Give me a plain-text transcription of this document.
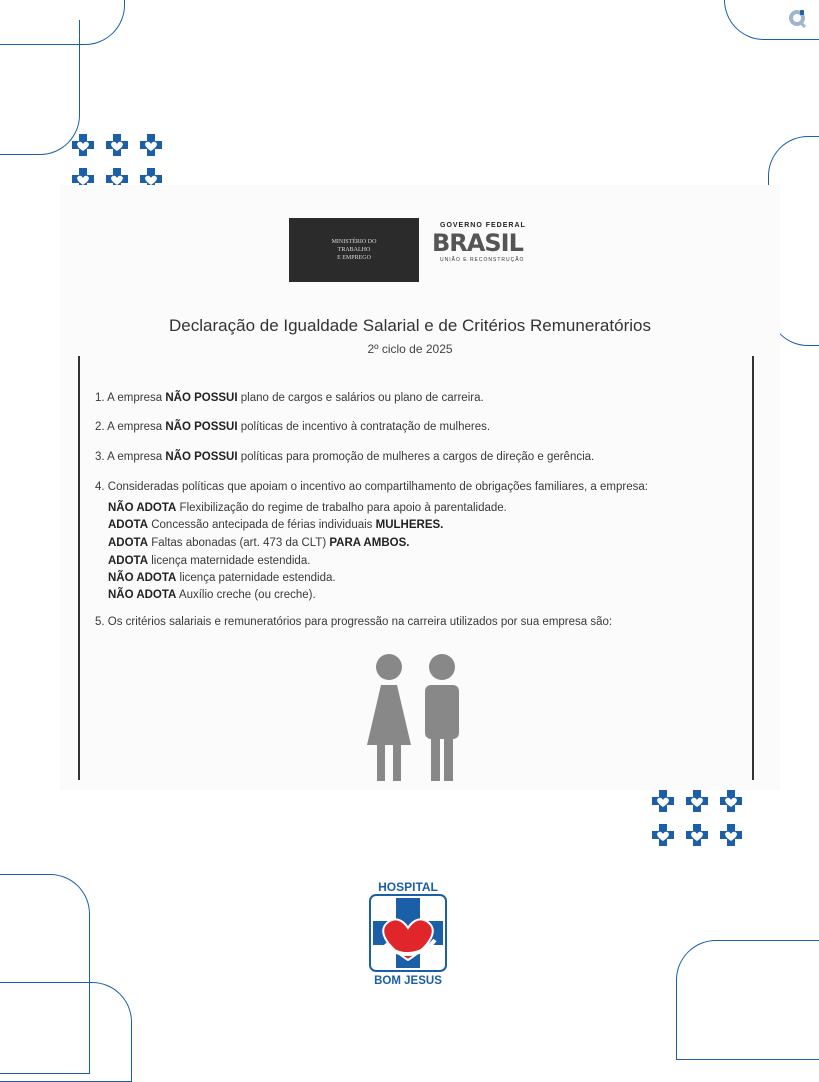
MINISTÉRIO DO
TRABALHO
E EMPREGO
GOVERNO FEDERAL
BRASIL
UNIÃO E RECONSTRUÇÃO
Declaração de Igualdade Salarial e de Critérios Remuneratórios
2º ciclo de 2025
1. A empresa NÃO POSSUI plano de cargos e salários ou plano de carreira.
2. A empresa NÃO POSSUI políticas de incentivo à contratação de mulheres.
3. A empresa NÃO POSSUI políticas para promoção de mulheres a cargos de direção e gerência.
4. Consideradas políticas que apoiam o incentivo ao compartilhamento de obrigações familiares, a empresa:
NÃO ADOTA Flexibilização do regime de trabalho para apoio à parentalidade.
ADOTA Concessão antecipada de férias individuais MULHERES.
ADOTA Faltas abonadas (art. 473 da CLT) PARA AMBOS.
ADOTA licença maternidade estendida.
NÃO ADOTA licença paternidade estendida.
NÃO ADOTA Auxílio creche (ou creche).
5. Os critérios salariais e remuneratórios para progressão na carreira utilizados por sua empresa são:
HOSPITAL
BOM JESUS
